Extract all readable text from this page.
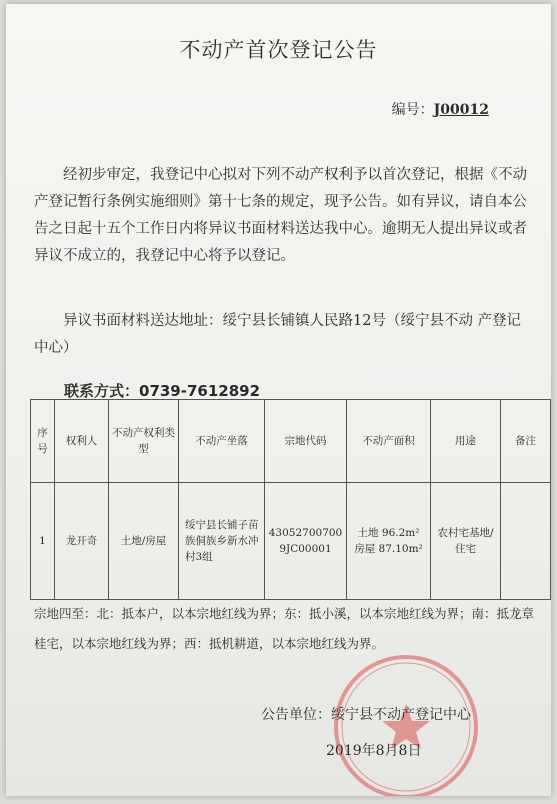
不动产首次登记公告
编号：J00012
经初步审定，我登记中心拟对下列不动产权利予以首次登记，根据《不动产登记暂行条例实施细则》第十七条的规定，现予公告。如有异议，请自本公告之日起十五个工作日内将异议书面材料送达我中心。逾期无人提出异议或者异议不成立的，我登记中心将予以登记。
异议书面材料送达地址：绥宁县长铺镇人民路12号（绥宁县不动 产登记中心）
联系方式：0739-7612892
序号	权利人	不动产权利类型	不动产坐落	宗地代码	不动产面积	用途	备注
1	龙开奇	土地/房屋	绥宁县长铺子苗族侗族乡新水冲村3组	430527007009JC00001	土地 96.2m²
房屋 87.10m²	农村宅基地/住宅	
宗地四至：北：抵本户，以本宗地红线为界；东：抵小溪，以本宗地红线为界；南：抵龙章桂宅，以本宗地红线为界；西：抵机耕道，以本宗地红线为界。
公告单位：绥宁县不动产登记中心
2019年8月8日
